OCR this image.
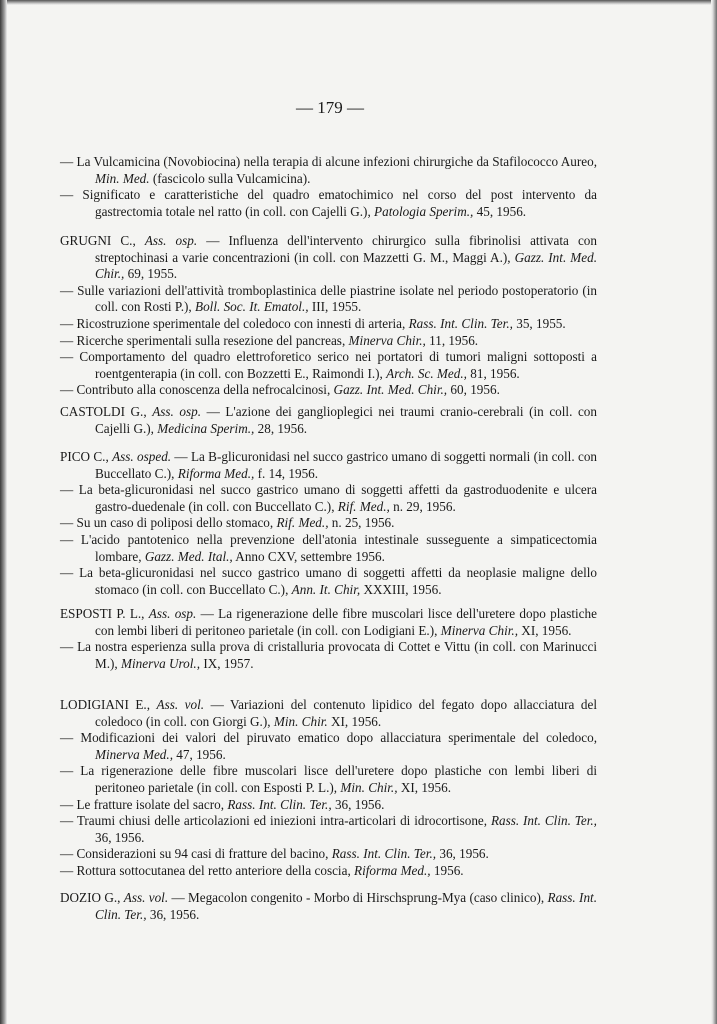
— 179 —

— La Vulcamicina (Novobiocina) nella terapia di alcune infezioni chirurgiche da Stafilococco Aureo, Min. Med. (fascicolo sulla Vulcamicina).

— Significato e caratteristiche del quadro ematochimico nel corso del post intervento da gastrectomia totale nel ratto (in coll. con Cajelli G.), Patologia Sperim., 45, 1956.

GRUGNI C., Ass. osp. — Influenza dell'intervento chirurgico sulla fibrinolisi attivata con streptochinasi a varie concentrazioni (in coll. con Mazzetti G. M., Maggi A.), Gazz. Int. Med. Chir., 69, 1955.

— Sulle variazioni dell'attività tromboplastinica delle piastrine isolate nel periodo postoperatorio (in coll. con Rosti P.), Boll. Soc. It. Ematol., III, 1955.

— Ricostruzione sperimentale del coledoco con innesti di arteria, Rass. Int. Clin. Ter., 35, 1955.

— Ricerche sperimentali sulla resezione del pancreas, Minerva Chir., 11, 1956.

— Comportamento del quadro elettroforetico serico nei portatori di tumori maligni sottoposti a roentgenterapia (in coll. con Bozzetti E., Raimondi I.), Arch. Sc. Med., 81, 1956.

— Contributo alla conoscenza della nefrocalcinosi, Gazz. Int. Med. Chir., 60, 1956.

CASTOLDI G., Ass. osp. — L'azione dei ganglioplegici nei traumi cranio-cerebrali (in coll. con Cajelli G.), Medicina Sperim., 28, 1956.

PICO C., Ass. osped. — La B-glicuronidasi nel succo gastrico umano di soggetti normali (in coll. con Buccellato C.), Riforma Med., f. 14, 1956.

— La beta-glicuronidasi nel succo gastrico umano di soggetti affetti da gastroduodenite e ulcera gastro-duedenale (in coll. con Buccellato C.), Rif. Med., n. 29, 1956.

— Su un caso di poliposi dello stomaco, Rif. Med., n. 25, 1956.

— L'acido pantotenico nella prevenzione dell'atonia intestinale susseguente a simpaticectomia lombare, Gazz. Med. Ital., Anno CXV, settembre 1956.

— La beta-glicuronidasi nel succo gastrico umano di soggetti affetti da neoplasie maligne dello stomaco (in coll. con Buccellato C.), Ann. It. Chir, XXXIII, 1956.

ESPOSTI P. L., Ass. osp. — La rigenerazione delle fibre muscolari lisce dell'uretere dopo plastiche con lembi liberi di peritoneo parietale (in coll. con Lodigiani E.), Minerva Chir., XI, 1956.

— La nostra esperienza sulla prova di cristalluria provocata di Cottet e Vittu (in coll. con Marinucci M.), Minerva Urol., IX, 1957.

LODIGIANI E., Ass. vol. — Variazioni del contenuto lipidico del fegato dopo allacciatura del coledoco (in coll. con Giorgi G.), Min. Chir. XI, 1956.

— Modificazioni dei valori del piruvato ematico dopo allacciatura sperimentale del coledoco, Minerva Med., 47, 1956.

— La rigenerazione delle fibre muscolari lisce dell'uretere dopo plastiche con lembi liberi di peritoneo parietale (in coll. con Esposti P. L.), Min. Chir., XI, 1956.

— Le fratture isolate del sacro, Rass. Int. Clin. Ter., 36, 1956.

— Traumi chiusi delle articolazioni ed iniezioni intra-articolari di idrocortisone, Rass. Int. Clin. Ter., 36, 1956.

— Considerazioni su 94 casi di fratture del bacino, Rass. Int. Clin. Ter., 36, 1956.

— Rottura sottocutanea del retto anteriore della coscia, Riforma Med., 1956.

DOZIO G., Ass. vol. — Megacolon congenito - Morbo di Hirschsprung-Mya (caso clinico), Rass. Int. Clin. Ter., 36, 1956.
